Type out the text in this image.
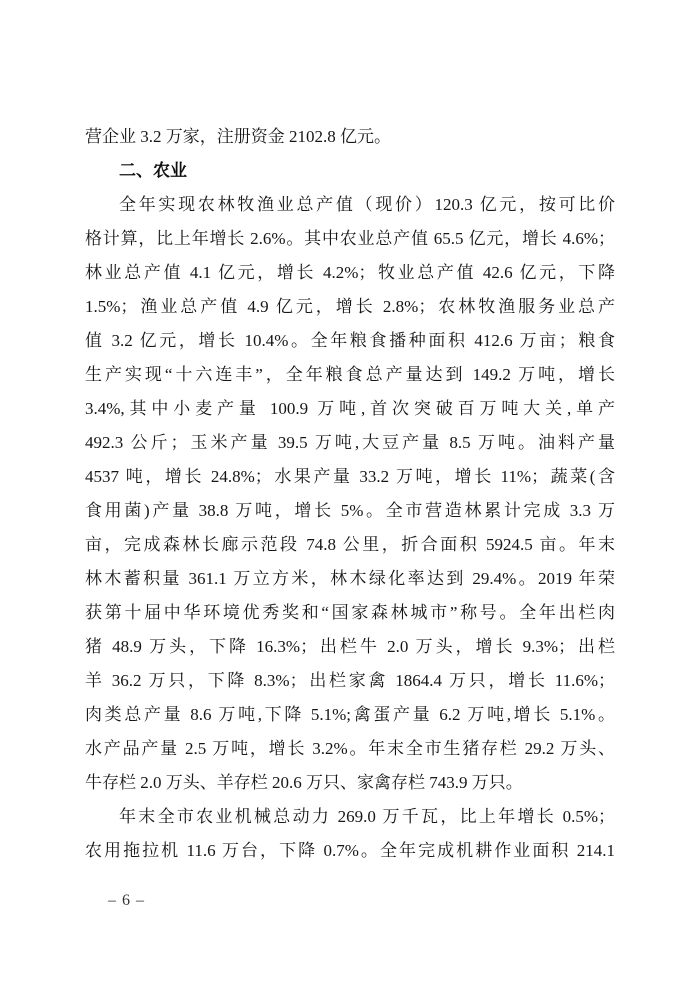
营企业 3.2 万家，注册资金 2102.8 亿元。
二、农业
全年实现农林牧渔业总产值（现价）120.3 亿元，按可比价
格计算，比上年增长 2.6%。其中农业总产值 65.5 亿元，增长 4.6%；
林业总产值 4.1 亿元，增长 4.2%；牧业总产值 42.6 亿元，下降
1.5%；渔业总产值 4.9 亿元，增长 2.8%；农林牧渔服务业总产
值 3.2 亿元，增长 10.4%。全年粮食播种面积 412.6 万亩；粮食
生产实现“十六连丰”，全年粮食总产量达到 149.2 万吨，增长
3.4%,其中小麦产量 100.9 万吨,首次突破百万吨大关,单产
492.3 公斤；玉米产量 39.5 万吨,大豆产量 8.5 万吨。油料产量
4537 吨，增长 24.8%；水果产量 33.2 万吨，增长 11%；蔬菜(含
食用菌)产量 38.8 万吨，增长 5%。全市营造林累计完成 3.3 万
亩，完成森林长廊示范段 74.8 公里，折合面积 5924.5 亩。年末
林木蓄积量 361.1 万立方米，林木绿化率达到 29.4%。2019 年荣
获第十届中华环境优秀奖和“国家森林城市”称号。全年出栏肉
猪 48.9 万头，下降 16.3%；出栏牛 2.0 万头，增长 9.3%；出栏
羊 36.2 万只，下降 8.3%；出栏家禽 1864.4 万只，增长 11.6%；
肉类总产量 8.6 万吨,下降 5.1%;禽蛋产量 6.2 万吨,增长 5.1%。
水产品产量 2.5 万吨，增长 3.2%。年末全市生猪存栏 29.2 万头、
牛存栏 2.0 万头、羊存栏 20.6 万只、家禽存栏 743.9 万只。
年末全市农业机械总动力 269.0 万千瓦，比上年增长 0.5%；
农用拖拉机 11.6 万台，下降 0.7%。全年完成机耕作业面积 214.1
– 6 –
